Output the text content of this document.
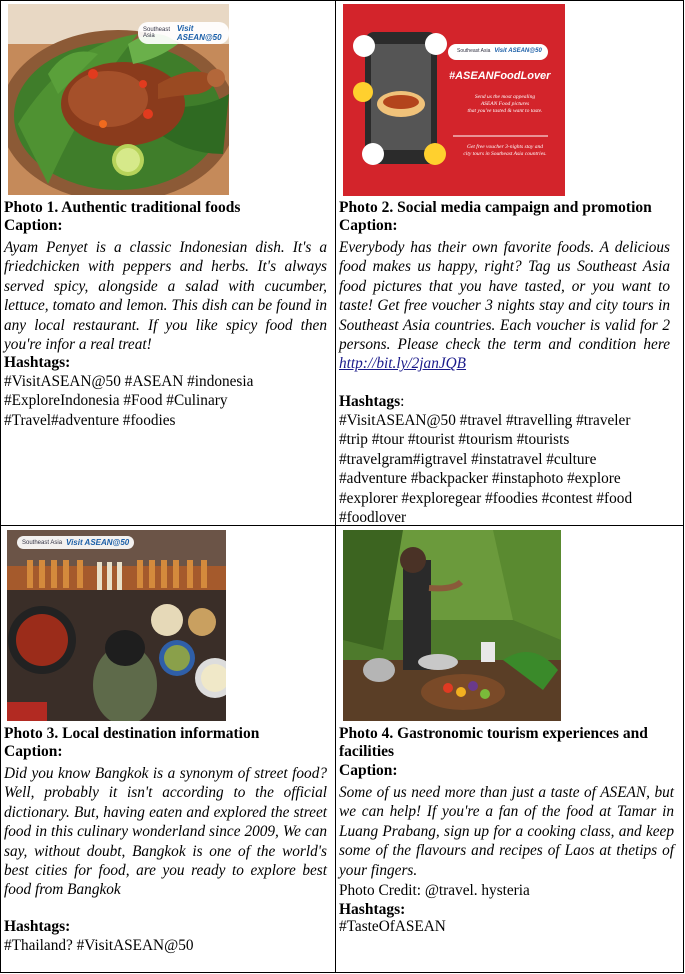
Southeast Asia
Visit ASEAN@50
Photo 1. Authentic traditional foods
Caption:
Ayam Penyet is a classic Indonesian dish. It's a friedchicken with peppers and herbs. It's always served spicy, alongside a salad with cucumber, lettuce, tomato and lemon. This dish can be found in any local restaurant. If you like spicy food then you're infor a real treat!
Hashtags:
#VisitASEAN@50 #ASEAN #indonesia
#ExploreIndonesia #Food #Culinary
#Travel#adventure #foodies
Southeast Asia Visit ASEAN@50
#ASEANFoodLover
Send us the most appealing
ASEAN Food pictures
that you've tasted & want to taste.
Get free voucher 3-nights stay and
city tours in Southeast Asia countries.
Photo 2. Social media campaign and promotion
Caption:
Everybody has their own favorite foods. A delicious food makes us happy, right? Tag us Southeast Asia food pictures that you have tasted, or you want to taste! Get free voucher 3 nights stay and city tours in Southeast Asia countries. Each voucher is valid for 2 persons. Please check the term and condition here http://bit.ly/2janJQB
Hashtags:
#VisitASEAN@50 #travel #travelling #traveler
#trip #tour #tourist #tourism #tourists
#travelgram#igtravel #instatravel #culture
#adventure #backpacker #instaphoto #explore
#explorer #exploregear #foodies #contest #food
#foodlover
Southeast Asia Visit ASEAN@50
Photo 3. Local destination information
Caption:
Did you know Bangkok is a synonym of street food? Well, probably it isn't according to the official dictionary. But, having eaten and explored the street food in this culinary wonderland since 2009, We can say, without doubt, Bangkok is one of the world's best cities for food, are you ready to explore best food from Bangkok
Hashtags:
#Thailand? #VisitASEAN@50
Photo 4. Gastronomic tourism experiences and
facilities
Caption:
Some of us need more than just a taste of ASEAN, but we can help! If you're a fan of the food at Tamar in Luang Prabang, sign up for a cooking class, and keep some of the flavours and recipes of Laos at thetips of your fingers.
Photo Credit: @travel. hysteria
Hashtags:
#TasteOfASEAN
